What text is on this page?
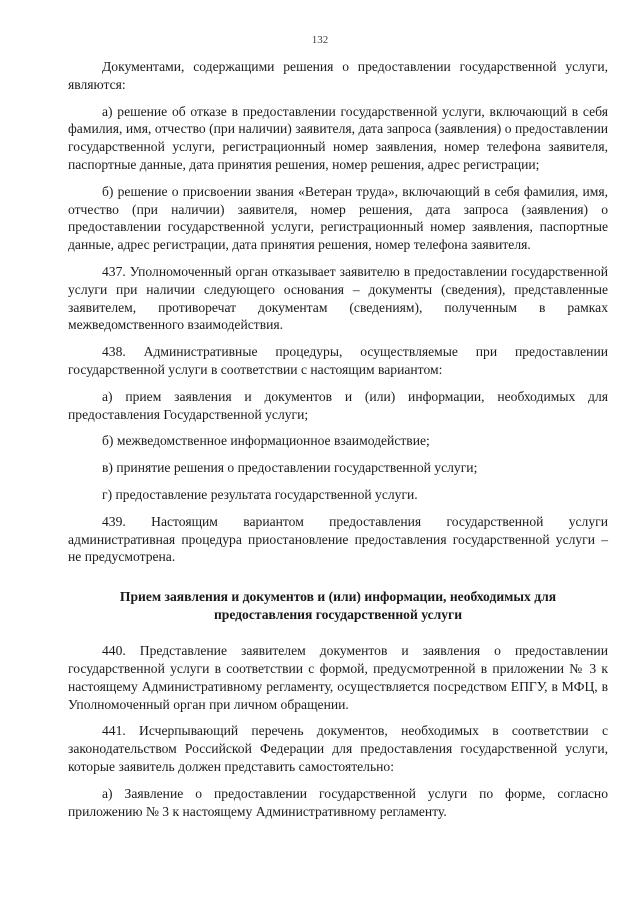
132

Документами, содержащими решения о предоставлении государственной услуги, являются:

а) решение об отказе в предоставлении государственной услуги, включающий в себя фамилия, имя, отчество (при наличии) заявителя, дата запроса (заявления) о предоставлении государственной услуги, регистрационный номер заявления, номер телефона заявителя, паспортные данные, дата принятия решения, номер решения, адрес регистрации;

б) решение о присвоении звания «Ветеран труда», включающий в себя фамилия, имя, отчество (при наличии) заявителя, номер решения, дата запроса (заявления) о предоставлении государственной услуги, регистрационный номер заявления, паспортные данные, адрес регистрации, дата принятия решения, номер телефона заявителя.

437. Уполномоченный орган отказывает заявителю в предоставлении государственной услуги при наличии следующего основания – документы (сведения), представленные заявителем, противоречат документам (сведениям), полученным в рамках межведомственного взаимодействия.

438. Административные процедуры, осуществляемые при предоставлении государственной услуги в соответствии с настоящим вариантом:

а) прием заявления и документов и (или) информации, необходимых для предоставления Государственной услуги;

б) межведомственное информационное взаимодействие;

в) принятие решения о предоставлении государственной услуги;

г) предоставление результата государственной услуги.

439. Настоящим вариантом предоставления государственной услуги административная процедура приостановление предоставления государственной услуги – не предусмотрена.

Прием заявления и документов и (или) информации, необходимых для
предоставления государственной услуги

440. Представление заявителем документов и заявления о предоставлении государственной услуги в соответствии с формой, предусмотренной в приложении № 3 к настоящему Административному регламенту, осуществляется посредством ЕПГУ, в МФЦ, в Уполномоченный орган при личном обращении.

441. Исчерпывающий перечень документов, необходимых в соответствии с законодательством Российской Федерации для предоставления государственной услуги, которые заявитель должен представить самостоятельно:

а) Заявление о предоставлении государственной услуги по форме, согласно приложению № 3 к настоящему Административному регламенту.
